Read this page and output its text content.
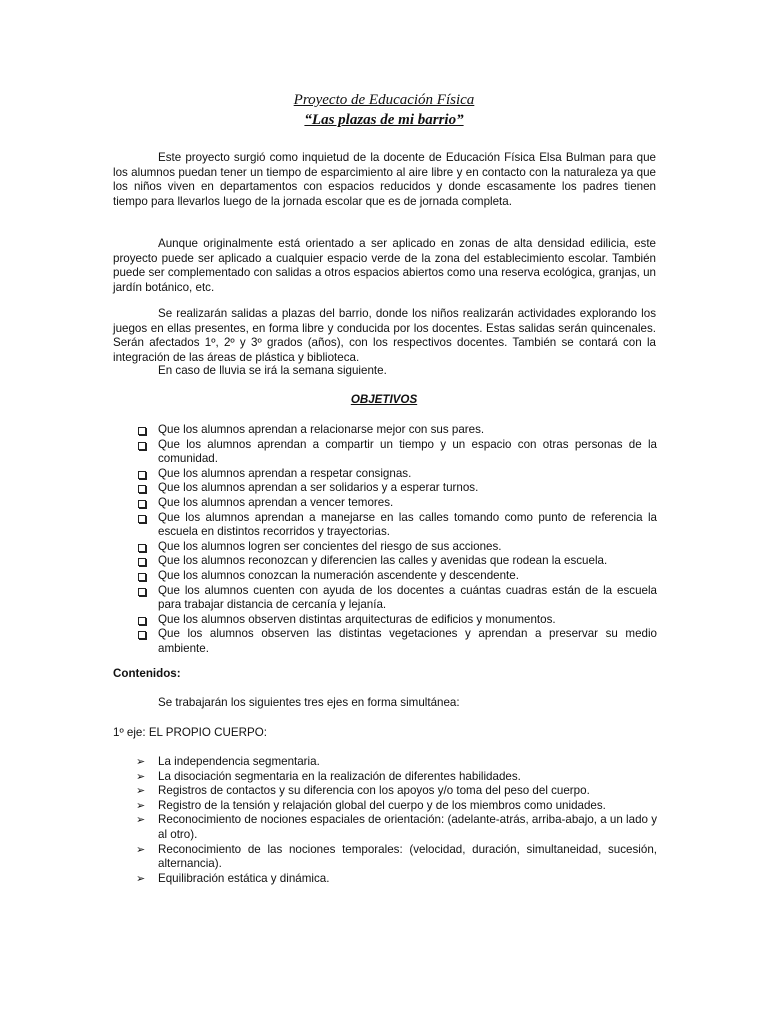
Proyecto de Educación Física
“Las plazas de mi barrio”

Este proyecto surgió como inquietud de la docente de Educación Física Elsa Bulman para que los alumnos puedan tener un tiempo de esparcimiento al aire libre y en contacto con la naturaleza ya que los niños viven en departamentos con espacios reducidos y donde escasamente los padres tienen tiempo para llevarlos luego de la jornada escolar que es de jornada completa.

Aunque originalmente está orientado a ser aplicado en zonas de alta densidad edilicia, este proyecto puede ser aplicado a cualquier espacio verde de la zona del establecimiento escolar. También puede ser complementado con salidas a otros espacios abiertos como una reserva ecológica, granjas, un jardín botánico, etc.

Se realizarán salidas a plazas del barrio, donde los niños realizarán actividades explorando los juegos en ellas presentes, en forma libre y conducida por los docentes. Estas salidas serán quincenales. Serán afectados 1º, 2º y 3º grados (años), con los respectivos docentes. También se contará con la integración de las áreas de plástica y biblioteca.

En caso de lluvia se irá la semana siguiente.

OBJETIVOS
Que los alumnos aprendan a relacionarse mejor con sus pares.
Que los alumnos aprendan a compartir un tiempo y un espacio con otras personas de la comunidad.
Que los alumnos aprendan a respetar consignas.
Que los alumnos aprendan a ser solidarios y a esperar turnos.
Que los alumnos aprendan a vencer temores.
Que los alumnos aprendan a manejarse en las calles tomando como punto de referencia la escuela en distintos recorridos y trayectorias.
Que los alumnos logren ser concientes del riesgo de sus acciones.
Que los alumnos reconozcan y diferencien las calles y avenidas que rodean la escuela.
Que los alumnos conozcan la numeración ascendente y descendente.
Que los alumnos cuenten con ayuda de los docentes a cuántas cuadras están de la escuela para trabajar distancia de cercanía y lejanía.
Que los alumnos observen distintas arquitecturas de edificios y monumentos.
Que los alumnos observen las distintas vegetaciones y aprendan a preservar su medio ambiente.
Contenidos:

Se trabajarán los siguientes tres ejes en forma simultánea:

1º eje: EL PROPIO CUERPO:

➢ La independencia segmentaria.
➢ La disociación segmentaria en la realización de diferentes habilidades.
➢ Registros de contactos y su diferencia con los apoyos y/o toma del peso del cuerpo.
➢ Registro de la tensión y relajación global del cuerpo y de los miembros como unidades.
➢ Reconocimiento de nociones espaciales de orientación: (adelante-atrás, arriba-abajo, a un lado y al otro).
➢ Reconocimiento de las nociones temporales: (velocidad, duración, simultaneidad, sucesión, alternancia).
➢ Equilibración estática y dinámica.
